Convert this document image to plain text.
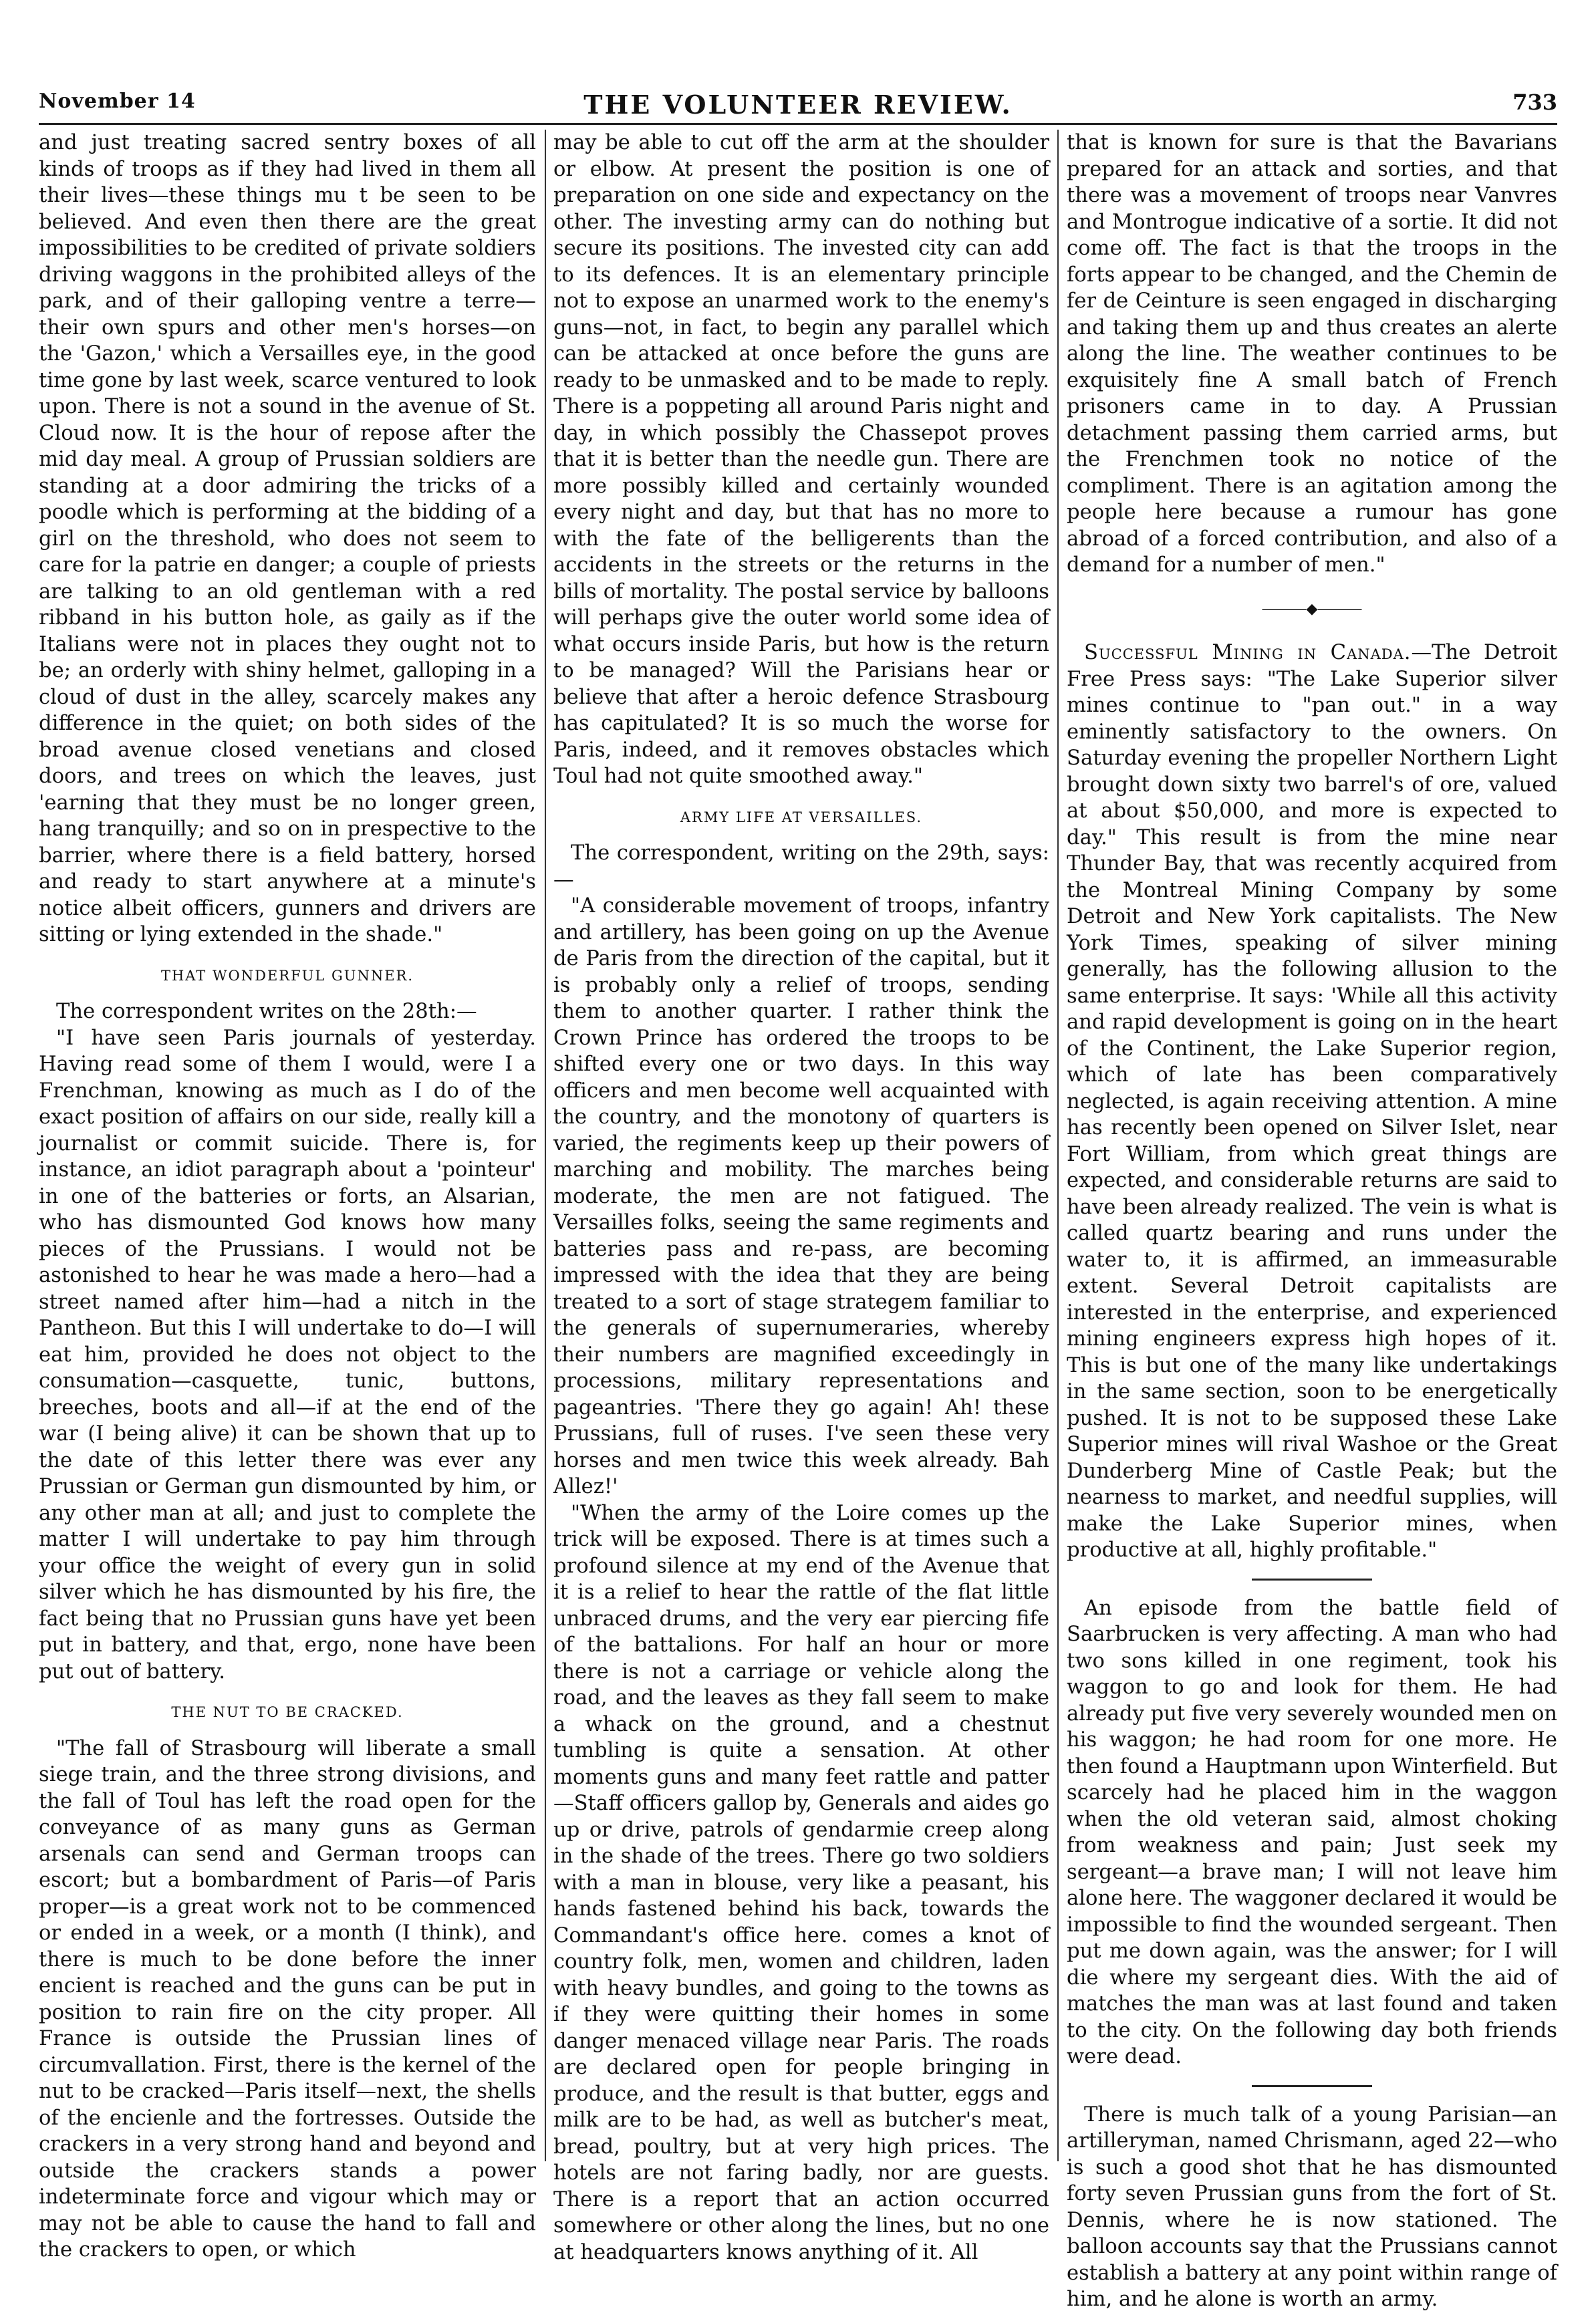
November 14	THE VOLUNTEER REVIEW.	733

and just treating sacred sentry boxes of all kinds of troops as if they had lived in them all their lives—these things mu t be seen to be believed. And even then there are the great impossibilities to be credited of private soldiers driving waggons in the prohibited alleys of the park, and of their galloping ventre a terre—their own spurs and other men's horses—on the 'Gazon,' which a Versailles eye, in the good time gone by last week, scarce ventured to look upon. There is not a sound in the avenue of St. Cloud now. It is the hour of repose after the mid day meal. A group of Prussian soldiers are standing at a door admiring the tricks of a poodle which is performing at the bidding of a girl on the threshold, who does not seem to care for la patrie en danger; a couple of priests are talking to an old gentleman with a red ribband in his button hole, as gaily as if the Italians were not in places they ought not to be; an orderly with shiny helmet, galloping in a cloud of dust in the alley, scarcely makes any difference in the quiet; on both sides of the broad avenue closed venetians and closed doors, and trees on which the leaves, just 'earning that they must be no longer green, hang tranquilly; and so on in prespective to the barrier, where there is a field battery, horsed and ready to start anywhere at a minute's notice albeit officers, gunners and drivers are sitting or lying extended in the shade."

THAT WONDERFUL GUNNER.

The correspondent writes on the 28th:—

"I have seen Paris journals of yesterday. Having read some of them I would, were I a Frenchman, knowing as much as I do of the exact position of affairs on our side, really kill a journalist or commit suicide. There is, for instance, an idiot paragraph about a 'pointeur' in one of the batteries or forts, an Alsarian, who has dismounted God knows how many pieces of the Prussians. I would not be astonished to hear he was made a hero—had a street named after him—had a nitch in the Pantheon. But this I will undertake to do—I will eat him, provided he does not object to the consumation—casquette, tunic, buttons, breeches, boots and all—if at the end of the war (I being alive) it can be shown that up to the date of this letter there was ever any Prussian or German gun dismounted by him, or any other man at all; and just to complete the matter I will undertake to pay him through your office the weight of every gun in solid silver which he has dismounted by his fire, the fact being that no Prussian guns have yet been put in battery, and that, ergo, none have been put out of battery.

THE NUT TO BE CRACKED.

"The fall of Strasbourg will liberate a small siege train, and the three strong divisions, and the fall of Toul has left the road open for the conveyance of as many guns as German arsenals can send and German troops can escort; but a bombardment of Paris—of Paris proper—is a great work not to be commenced or ended in a week, or a month (I think), and there is much to be done before the inner encient is reached and the guns can be put in position to rain fire on the city proper. All France is outside the Prussian lines of circumvallation. First, there is the kernel of the nut to be cracked—Paris itself—next, the shells of the encienle and the fortresses. Outside the crackers in a very strong hand and beyond and outside the crackers stands a power indeterminate force and vigour which may or may not be able to cause the hand to fall and the crackers to open, or which

may be able to cut off the arm at the shoulder or elbow. At present the position is one of preparation on one side and expectancy on the other. The investing army can do nothing but secure its positions. The invested city can add to its defences. It is an elementary principle not to expose an unarmed work to the enemy's guns—not, in fact, to begin any parallel which can be attacked at once before the guns are ready to be unmasked and to be made to reply. There is a poppeting all around Paris night and day, in which possibly the Chassepot proves that it is better than the needle gun. There are more possibly killed and certainly wounded every night and day, but that has no more to with the fate of the belligerents than the accidents in the streets or the returns in the bills of mortality. The postal service by balloons will perhaps give the outer world some idea of what occurs inside Paris, but how is the return to be managed? Will the Parisians hear or believe that after a heroic defence Strasbourg has capitulated? It is so much the worse for Paris, indeed, and it removes obstacles which Toul had not quite smoothed away."

ARMY LIFE AT VERSAILLES.

The correspondent, writing on the 29th, says:—

"A considerable movement of troops, infantry and artillery, has been going on up the Avenue de Paris from the direction of the capital, but it is probably only a relief of troops, sending them to another quarter. I rather think the Crown Prince has ordered the troops to be shifted every one or two days. In this way officers and men become well acquainted with the country, and the monotony of quarters is varied, the regiments keep up their powers of marching and mobility. The marches being moderate, the men are not fatigued. The Versailles folks, seeing the same regiments and batteries pass and re-pass, are becoming impressed with the idea that they are being treated to a sort of stage strategem familiar to the generals of supernumeraries, whereby their numbers are magnified exceedingly in processions, military representations and pageantries. 'There they go again! Ah! these Prussians, full of ruses. I've seen these very horses and men twice this week already. Bah Allez!'

"When the army of the Loire comes up the trick will be exposed. There is at times such a profound silence at my end of the Avenue that it is a relief to hear the rattle of the flat little unbraced drums, and the very ear piercing fife of the battalions. For half an hour or more there is not a carriage or vehicle along the road, and the leaves as they fall seem to make a whack on the ground, and a chestnut tumbling is quite a sensation. At other moments guns and many feet rattle and patter—Staff officers gallop by, Generals and aides go up or drive, patrols of gendarmie creep along in the shade of the trees. There go two soldiers with a man in blouse, very like a peasant, his hands fastened behind his back, towards the Commandant's office here. comes a knot of country folk, men, women and children, laden with heavy bundles, and going to the towns as if they were quitting their homes in some danger menaced village near Paris. The roads are declared open for people bringing in produce, and the result is that butter, eggs and milk are to be had, as well as butcher's meat, bread, poultry, but at very high prices. The hotels are not faring badly, nor are guests. There is a report that an action occurred somewhere or other along the lines, but no one at headquarters knows anything of it. All

that is known for sure is that the Bavarians prepared for an attack and sorties, and that there was a movement of troops near Vanvres and Montrogue indicative of a sortie. It did not come off. The fact is that the troops in the forts appear to be changed, and the Chemin de fer de Ceinture is seen engaged in discharging and taking them up and thus creates an alerte along the line. The weather continues to be exquisitely fine A small batch of French prisoners came in to day. A Prussian detachment passing them carried arms, but the Frenchmen took no notice of the compliment. There is an agitation among the people here because a rumour has gone abroad of a forced contribution, and also of a demand for a number of men."

―――◆―――

Successful Mining in Canada.—The Detroit Free Press says: "The Lake Superior silver mines continue to "pan out." in a way eminently satisfactory to the owners. On Saturday evening the propeller Northern Light brought down sixty two barrel's of ore, valued at about $50,000, and more is expected to day." This result is from the mine near Thunder Bay, that was recently acquired from the Montreal Mining Company by some Detroit and New York capitalists. The New York Times, speaking of silver mining generally, has the following allusion to the same enterprise. It says: 'While all this activity and rapid development is going on in the heart of the Continent, the Lake Superior region, which of late has been comparatively neglected, is again receiving attention. A mine has recently been opened on Silver Islet, near Fort William, from which great things are expected, and considerable returns are said to have been already realized. The vein is what is called quartz bearing and runs under the water to, it is affirmed, an immeasurable extent. Several Detroit capitalists are interested in the enterprise, and experienced mining engineers express high hopes of it. This is but one of the many like undertakings in the same section, soon to be energetically pushed. It is not to be supposed these Lake Superior mines will rival Washoe or the Great Dunderberg Mine of Castle Peak; but the nearness to market, and needful supplies, will make the Lake Superior mines, when productive at all, highly profitable."

An episode from the battle field of Saarbrucken is very affecting. A man who had two sons killed in one regiment, took his waggon to go and look for them. He had already put five very severely wounded men on his waggon; he had room for one more. He then found a Hauptmann upon Winterfield. But scarcely had he placed him in the waggon when the old veteran said, almost choking from weakness and pain; Just seek my sergeant—a brave man; I will not leave him alone here. The waggoner declared it would be impossible to find the wounded sergeant. Then put me down again, was the answer; for I will die where my sergeant dies. With the aid of matches the man was at last found and taken to the city. On the following day both friends were dead.

There is much talk of a young Parisian—an artilleryman, named Chrismann, aged 22—who is such a good shot that he has dismounted forty seven Prussian guns from the fort of St. Dennis, where he is now stationed. The balloon accounts say that the Prussians cannot establish a battery at any point within range of him, and he alone is worth an army.
